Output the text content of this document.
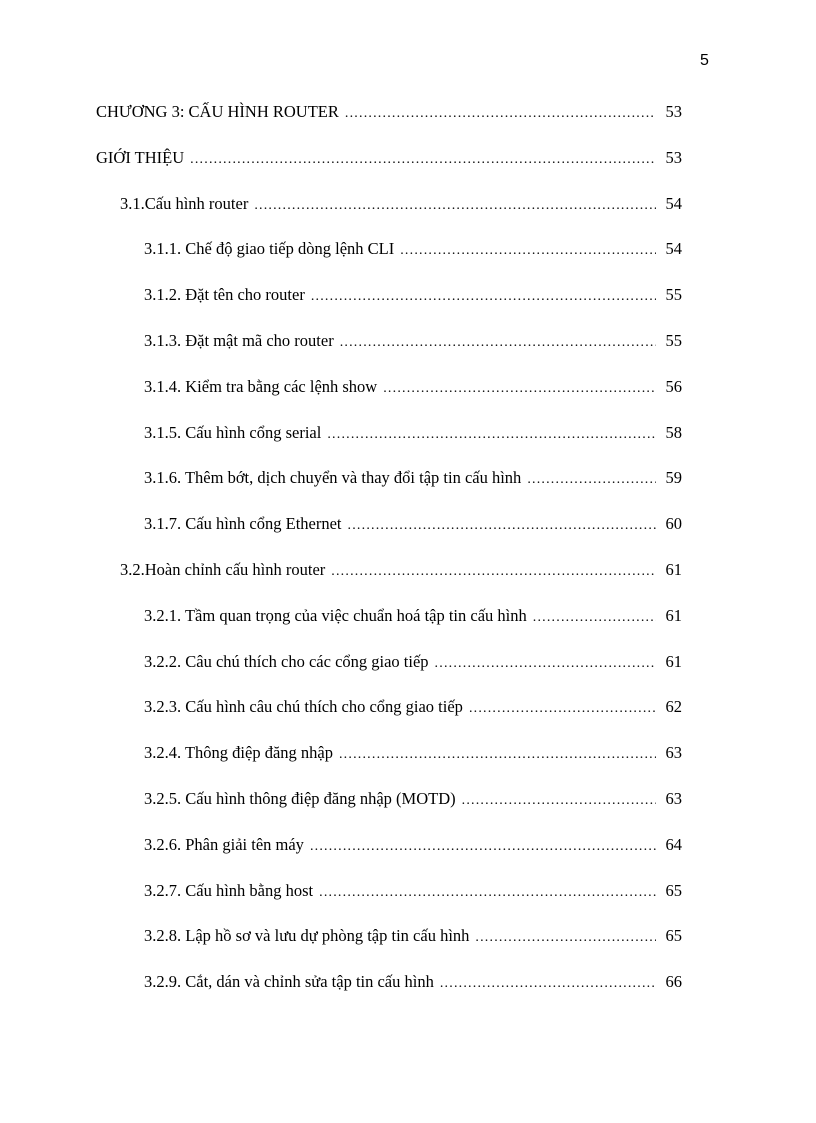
5
CHƯƠNG 3: CẤU HÌNH ROUTER .....	53
GIỚI THIỆU .....	53
3.1.Cấu hình router .....	54
3.1.1. Chế độ giao tiếp dòng lệnh CLI .....	54
3.1.2. Đặt tên cho router .....	55
3.1.3. Đặt mật mã cho router .....	55
3.1.4. Kiểm tra bằng các lệnh show .....	56
3.1.5. Cấu hình cổng serial .....	58
3.1.6. Thêm bớt, dịch chuyển và thay đổi tập tin cấu hình .....	59
3.1.7. Cấu hình cổng Ethernet .....	60
3.2.Hoàn chỉnh cấu hình router .....	61
3.2.1. Tầm quan trọng của việc chuẩn hoá tập tin cấu hình .....	61
3.2.2. Câu chú thích cho các cổng giao tiếp .....	61
3.2.3. Cấu hình câu chú thích cho cổng giao tiếp .....	62
3.2.4. Thông điệp đăng nhập .....	63
3.2.5. Cấu hình thông điệp đăng nhập (MOTD) .....	63
3.2.6. Phân giải tên máy .....	64
3.2.7. Cấu hình bằng host .....	65
3.2.8. Lập hồ sơ và lưu dự phòng tập tin cấu hình .....	65
3.2.9. Cắt, dán và chỉnh sửa tập tin cấu hình .....	66
